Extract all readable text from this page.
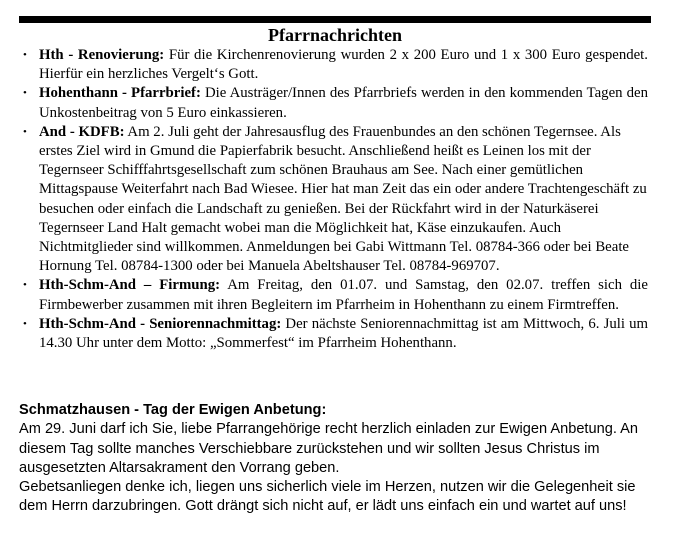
Pfarrnachrichten
• Hth - Renovierung: Für die Kirchenrenovierung wurden 2 x 200 Euro und 1 x 300 Euro gespendet. Hierfür ein herzliches Vergelt‘s Gott.
• Hohenthann - Pfarrbrief: Die Austräger/Innen des Pfarrbriefs werden in den kommenden Tagen den Unkostenbeitrag von 5 Euro einkassieren.
• And - KDFB: Am 2. Juli geht der Jahresausflug des Frauenbundes an den schönen Tegernsee. Als erstes Ziel wird in Gmund die Papierfabrik besucht. Anschließend heißt es Leinen los mit der Tegernseer Schifffahrtsgesellschaft zum schönen Brauhaus am See. Nach einer gemütlichen Mittagspause Weiterfahrt nach Bad Wiesee. Hier hat man Zeit das ein oder andere Trachtengeschäft zu besuchen oder einfach die Landschaft zu genießen. Bei der Rückfahrt wird in der Naturkäserei Tegernseer Land Halt gemacht wobei man die Möglichkeit hat, Käse einzukaufen. Auch Nichtmitglieder sind willkommen. Anmeldungen bei Gabi Wittmann Tel. 08784-366 oder bei Beate Hornung Tel. 08784-1300 oder bei Manuela Abeltshauser Tel. 08784-969707.
• Hth-Schm-And – Firmung: Am Freitag, den 01.07. und Samstag, den 02.07. treffen sich die Firmbewerber zusammen mit ihren Begleitern im Pfarrheim in Hohenthann zu einem Firmtreffen.
• Hth-Schm-And - Seniorennachmittag: Der nächste Seniorennachmittag ist am Mittwoch, 6. Juli um 14.30 Uhr unter dem Motto: „Sommerfest“ im Pfarrheim Hohenthann.
Schmatzhausen - Tag der Ewigen Anbetung:

Am 29. Juni darf ich Sie, liebe Pfarrangehörige recht herzlich einladen zur Ewigen Anbetung. An diesem Tag sollte manches Verschiebbare zurückstehen und wir sollten Jesus Christus im ausgesetzten Altarsakrament den Vorrang geben.

Gebetsanliegen denke ich, liegen uns sicherlich viele im Herzen, nutzen wir die Gelegenheit sie dem Herrn darzubringen. Gott drängt sich nicht auf, er lädt uns einfach ein und wartet auf uns!
